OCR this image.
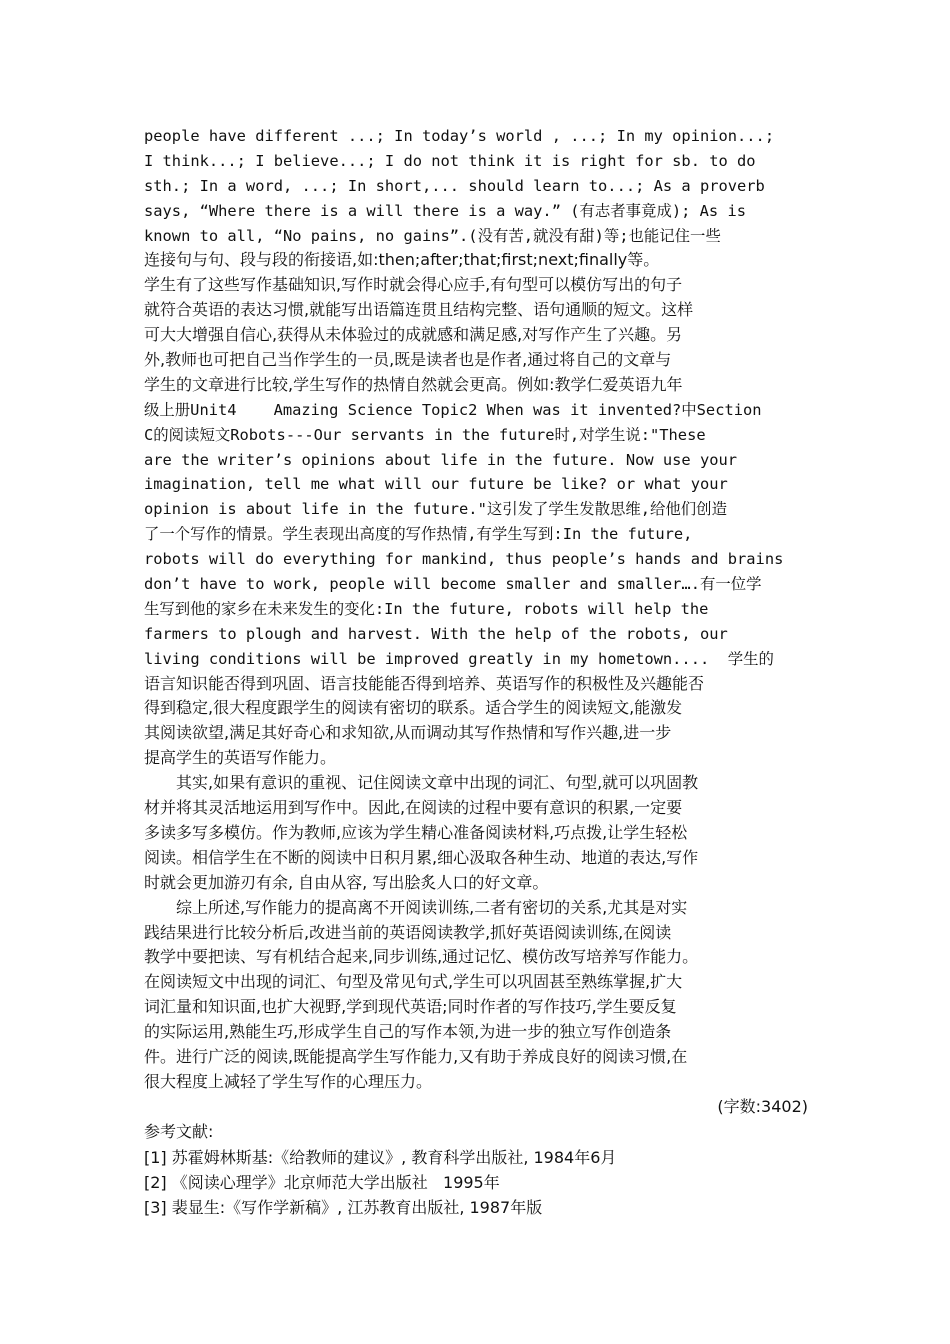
people have different ...; In today’s world , ...; In my opinion...;
I think...; I believe...; I do not think it is right for sb. to do
sth.; In a word, ...; In short,... should learn to...; As a proverb
says, “Where there is a will there is a way.” (有志者事竟成); As is
known to all, “No pains, no gains”.(没有苦,就没有甜)等;也能记住一些
连接句与句、段与段的衔接语,如:then;after;that;first;next;finally等。
学生有了这些写作基础知识,写作时就会得心应手,有句型可以模仿写出的句子
就符合英语的表达习惯,就能写出语篇连贯且结构完整、语句通顺的短文。这样
可大大增强自信心,获得从未体验过的成就感和满足感,对写作产生了兴趣。另
外,教师也可把自己当作学生的一员,既是读者也是作者,通过将自己的文章与
学生的文章进行比较,学生写作的热情自然就会更高。例如:教学仁爱英语九年
级上册Unit4    Amazing Science Topic2 When was it invented?中Section
C的阅读短文Robots---Our servants in the future时,对学生说:"These
are the writer’s opinions about life in the future. Now use your
imagination, tell me what will our future be like? or what your
opinion is about life in the future."这引发了学生发散思维,给他们创造
了一个写作的情景。学生表现出高度的写作热情,有学生写到:In the future,
robots will do everything for mankind, thus people’s hands and brains
don’t have to work, people will become smaller and smaller….有一位学
生写到他的家乡在未来发生的变化:In the future, robots will help the
farmers to plough and harvest. With the help of the robots, our
living conditions will be improved greatly in my hometown....  学生的
语言知识能否得到巩固、语言技能能否得到培养、英语写作的积极性及兴趣能否
得到稳定,很大程度跟学生的阅读有密切的联系。适合学生的阅读短文,能激发
其阅读欲望,满足其好奇心和求知欲,从而调动其写作热情和写作兴趣,进一步
提高学生的英语写作能力。
其实,如果有意识的重视、记住阅读文章中出现的词汇、句型,就可以巩固教
材并将其灵活地运用到写作中。因此,在阅读的过程中要有意识的积累,一定要
多读多写多模仿。作为教师,应该为学生精心准备阅读材料,巧点拨,让学生轻松
阅读。相信学生在不断的阅读中日积月累,细心汲取各种生动、地道的表达,写作
时就会更加游刃有余, 自由从容, 写出脍炙人口的好文章。
综上所述,写作能力的提高离不开阅读训练,二者有密切的关系,尤其是对实
践结果进行比较分析后,改进当前的英语阅读教学,抓好英语阅读训练,在阅读
教学中要把读、写有机结合起来,同步训练,通过记忆、模仿改写培养写作能力。
在阅读短文中出现的词汇、句型及常见句式,学生可以巩固甚至熟练掌握,扩大
词汇量和知识面,也扩大视野,学到现代英语;同时作者的写作技巧,学生要反复
的实际运用,熟能生巧,形成学生自己的写作本领,为进一步的独立写作创造条
件。进行广泛的阅读,既能提高学生写作能力,又有助于养成良好的阅读习惯,在
很大程度上减轻了学生写作的心理压力。
(字数:3402)
参考文献:
[1] 苏霍姆林斯基:《给教师的建议》, 教育科学出版社, 1984年6月
[2] 《阅读心理学》北京师范大学出版社   1995年
[3] 裴显生:《写作学新稿》, 江苏教育出版社, 1987年版
